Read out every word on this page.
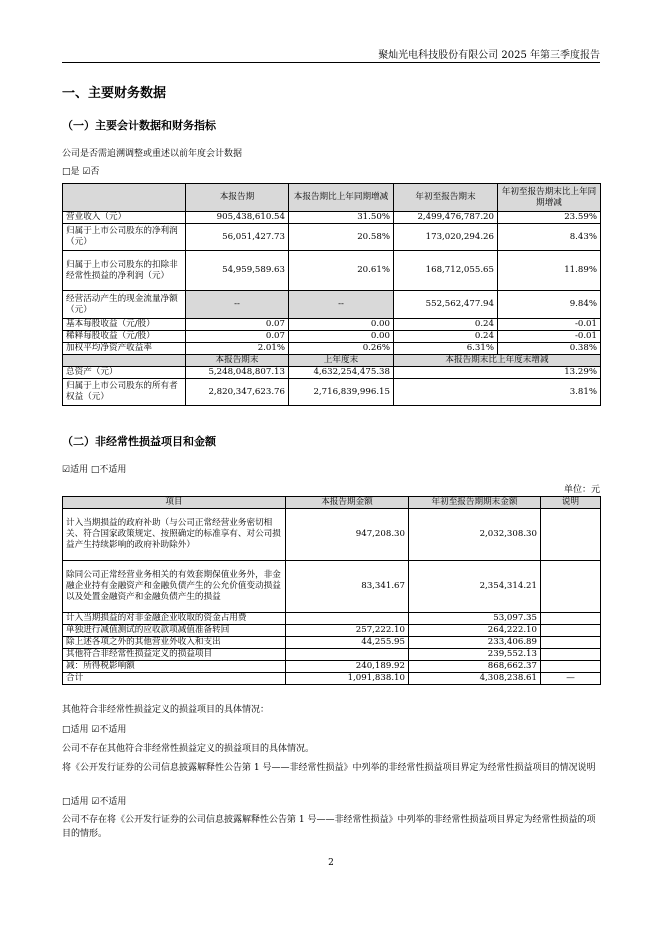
聚灿光电科技股份有限公司 2025 年第三季度报告
一、主要财务数据
（一）主要会计数据和财务指标
公司是否需追溯调整或重述以前年度会计数据
□是 ☑否
	本报告期	本报告期比上年同期增减	年初至报告期末	年初至报告期末比上年同期增减
营业收入（元）	905,438,610.54	31.50%	2,499,476,787.20	23.59%
归属于上市公司股东的净利润（元）	56,051,427.73	20.58%	173,020,294.26	8.43%
归属于上市公司股东的扣除非经常性损益的净利润（元）	54,959,589.63	20.61%	168,712,055.65	11.89%
经营活动产生的现金流量净额（元）	--	--	552,562,477.94	9.84%
基本每股收益（元/股）	0.07	0.00	0.24	-0.01
稀释每股收益（元/股）	0.07	0.00	0.24	-0.01
加权平均净资产收益率	2.01%	0.26%	6.31%	0.38%
	本报告期末	上年度末	本报告期末比上年度末增减	
总资产（元）	5,248,048,807.13	4,632,254,475.38	13.29%	
归属于上市公司股东的所有者权益（元）	2,820,347,623.76	2,716,839,996.15	3.81%	
（二）非经常性损益项目和金额
☑适用 □不适用
单位：元
项目	本报告期金额	年初至报告期期末金额	说明
计入当期损益的政府补助（与公司正常经营业务密切相关、符合国家政策规定、按照确定的标准享有、对公司损益产生持续影响的政府补助除外）	947,208.30	2,032,308.30	
除同公司正常经营业务相关的有效套期保值业务外，非金融企业持有金融资产和金融负债产生的公允价值变动损益以及处置金融资产和金融负债产生的损益	83,341.67	2,354,314.21	
计入当期损益的对非金融企业收取的资金占用费		53,097.35	
单独进行减值测试的应收款项减值准备转回	257,222.10	264,222.10	
除上述各项之外的其他营业外收入和支出	44,255.95	233,406.89	
其他符合非经常性损益定义的损益项目		239,552.13	
减：所得税影响额	240,189.92	868,662.37	
合计	1,091,838.10	4,308,238.61	—
其他符合非经常性损益定义的损益项目的具体情况：
□适用 ☑不适用
公司不存在其他符合非经常性损益定义的损益项目的具体情况。
将《公开发行证券的公司信息披露解释性公告第 1 号——非经常性损益》中列举的非经常性损益项目界定为经常性损益项目的情况说明
□适用 ☑不适用
公司不存在将《公开发行证券的公司信息披露解释性公告第 1 号——非经常性损益》中列举的非经常性损益项目界定为经常性损益的项目的情形。
2
